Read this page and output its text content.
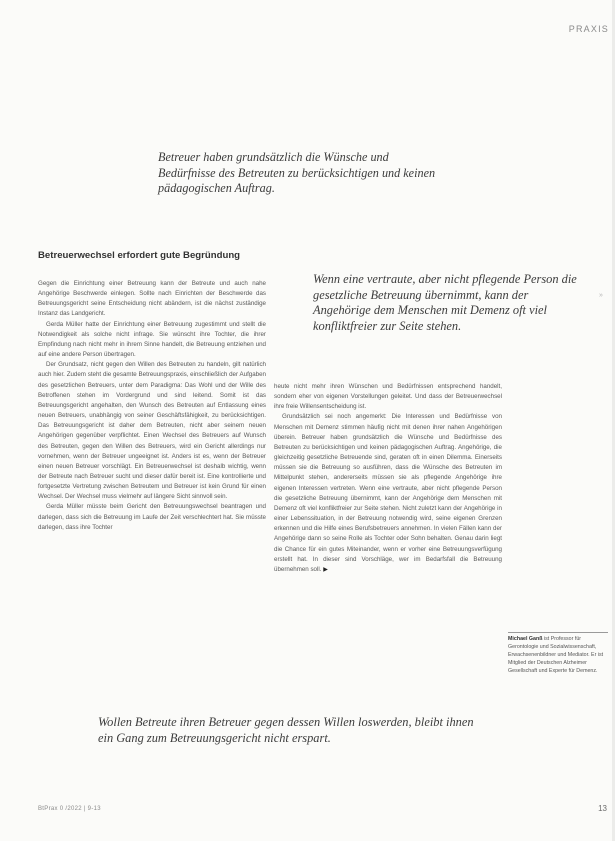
PRAXIS
Betreuer haben grundsätzlich die Wünsche und Bedürfnisse des Betreuten zu berücksichtigen und keinen pädagogischen Auftrag.
Betreuerwechsel erfordert gute Begründung
Wenn eine vertraute, aber nicht pflegende Person die gesetzliche Betreuung übernimmt, kann der Angehörige dem Menschen mit Demenz oft viel konfliktfreier zur Seite stehen.
»

Gegen die Einrichtung einer Betreuung kann der Betreute und auch nahe Angehörige Beschwerde einlegen. Sollte nach Einrichten der Beschwerde das Betreuungsgericht seine Entscheidung nicht abändern, ist die nächst zuständige Instanz das Landgericht.

Gerda Müller hatte der Einrichtung einer Betreuung zugestimmt und stellt die Notwendigkeit als solche nicht infrage. Sie wünscht ihre Tochter, die ihrer Empfindung nach nicht mehr in ihrem Sinne handelt, die Betreuung entziehen und auf eine andere Person übertragen.

Der Grundsatz, nicht gegen den Willen des Betreuten zu handeln, gilt natürlich auch hier. Zudem steht die gesamte Betreuungspraxis, einschließlich der Aufgaben des gesetzlichen Betreuers, unter dem Paradigma: Das Wohl und der Wille des Betroffenen stehen im Vordergrund und sind leitend. Somit ist das Betreuungsgericht angehalten, den Wunsch des Betreuten auf Entlassung eines neuen Betreuers, unabhängig von seiner Geschäftsfähigkeit, zu berücksichtigen. Das Betreuungsgericht ist daher dem Betreuten, nicht aber seinem neuen Angehörigen gegenüber verpflichtet. Einen Wechsel des Betreuers auf Wunsch des Betreuten, gegen den Willen des Betreuers, wird ein Gericht allerdings nur vornehmen, wenn der Betreuer ungeeignet ist. Anders ist es, wenn der Betreuer einen neuen Betreuer vorschlägt. Ein Betreuerwechsel ist deshalb wichtig, wenn der Betreute nach Betreuer sucht und dieser dafür bereit ist. Eine kontrollierte und fortgesetzte Vertretung zwischen Betreutem und Betreuer ist kein Grund für einen Wechsel. Der Wechsel muss vielmehr auf längere Sicht sinnvoll sein.

Gerda Müller müsste beim Gericht den Betreuungswechsel beantragen und darlegen, dass sich die Betreuung im Laufe der Zeit verschlechtert hat. Sie müsste darlegen, dass ihre Tochter

heute nicht mehr ihren Wünschen und Bedürfnissen entsprechend handelt, sondern eher von eigenen Vorstellungen geleitet. Und dass der Betreuerwechsel ihre freie Willensentscheidung ist.

Grundsätzlich sei noch angemerkt: Die Interessen und Bedürfnisse von Menschen mit Demenz stimmen häufig nicht mit denen ihrer nahen Angehörigen überein. Betreuer haben grundsätzlich die Wünsche und Bedürfnisse des Betreuten zu berücksichtigen und keinen pädagogischen Auftrag. Angehörige, die gleichzeitig gesetzliche Betreuende sind, geraten oft in einen Dilemma. Einerseits müssen sie die Betreuung so ausführen, dass die Wünsche des Betreuten im Mittelpunkt stehen, andererseits müssen sie als pflegende Angehörige ihre eigenen Interessen vertreten. Wenn eine vertraute, aber nicht pflegende Person die gesetzliche Betreuung übernimmt, kann der Angehörige dem Menschen mit Demenz oft viel konfliktfreier zur Seite stehen. Nicht zuletzt kann der Angehörige in einer Lebenssituation, in der Betreuung notwendig wird, seine eigenen Grenzen erkennen und die Hilfe eines Berufsbetreuers annehmen. In vielen Fällen kann der Angehörige dann so seine Rolle als Tochter oder Sohn behalten. Genau darin liegt die Chance für ein gutes Miteinander, wenn er vorher eine Betreuungsverfügung erstellt hat. In dieser sind Vorschläge, wer im Bedarfsfall die Betreuung übernehmen soll. ▶

Michael Ganß ist Professor für Gerontologie und Sozialwissenschaft, Erwachsenenbildner und Mediator. Er ist Mitglied der Deutschen Alzheimer Gesellschaft und Experte für Demenz.
Wollen Betreute ihren Betreuer gegen dessen Willen loswerden, bleibt ihnen ein Gang zum Betreuungsgericht nicht erspart.
BtPrax 0 /2022 | 9-13	13
